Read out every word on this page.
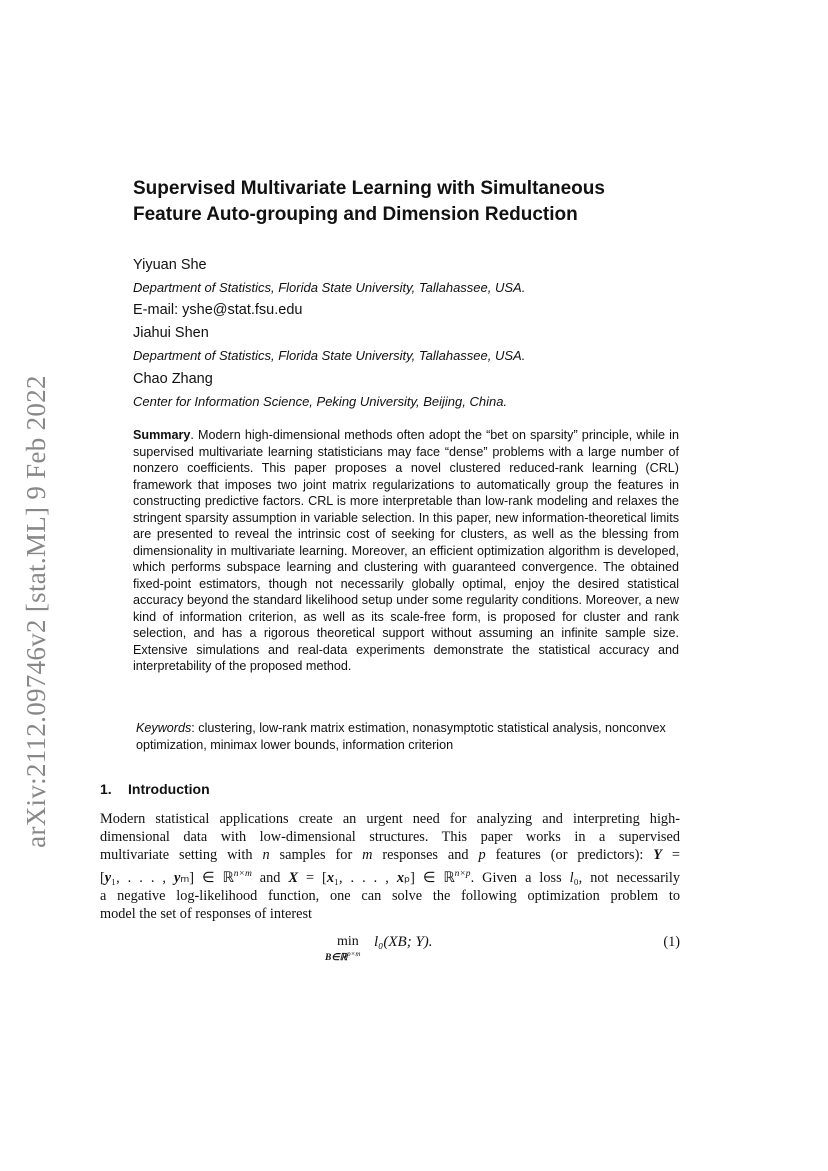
arXiv:2112.09746v2 [stat.ML] 9 Feb 2022
Supervised Multivariate Learning with Simultaneous
Feature Auto-grouping and Dimension Reduction
Yiyuan She
Department of Statistics, Florida State University, Tallahassee, USA.
E-mail: yshe@stat.fsu.edu
Jiahui Shen
Department of Statistics, Florida State University, Tallahassee, USA.
Chao Zhang
Center for Information Science, Peking University, Beijing, China.
Summary. Modern high-dimensional methods often adopt the “bet on sparsity” principle, while in supervised multivariate learning statisticians may face “dense” problems with a large number of nonzero coefficients. This paper proposes a novel clustered reduced-rank learning (CRL) framework that imposes two joint matrix regularizations to automatically group the features in constructing predictive factors. CRL is more interpretable than low-rank modeling and relaxes the stringent sparsity assumption in variable selection. In this paper, new information-theoretical limits are presented to reveal the intrinsic cost of seeking for clusters, as well as the blessing from dimensionality in multivariate learning. Moreover, an efficient optimization algorithm is developed, which performs subspace learning and clustering with guaranteed convergence. The obtained fixed-point estimators, though not necessarily globally optimal, enjoy the desired statistical accuracy beyond the standard likelihood setup under some regularity conditions. Moreover, a new kind of information criterion, as well as its scale-free form, is proposed for cluster and rank selection, and has a rigorous theoretical support without assuming an infinite sample size. Extensive simulations and real-data experiments demonstrate the statistical accuracy and interpretability of the proposed method.
Keywords: clustering, low-rank matrix estimation, nonasymptotic statistical analysis, nonconvex optimization, minimax lower bounds, information criterion
1. Introduction
Modern statistical applications create an urgent need for analyzing and interpreting high-
dimensional data with low-dimensional structures. This paper works in a supervised
multivariate setting with n samples for m responses and p features (or predictors): Y =
[y₁, . . . , yₘ] ∈ ℝ$^{n\times m}$ and X = [x₁, . . . , xₚ] ∈ ℝ$^{n\times p}$. Given a loss l₀, not necessarily
a negative log-likelihood function, one can solve the following optimization problem to
model the set of responses of interest
min
B∈ℝ$^{p\times m}$
l₀(XB; Y).	(1)
